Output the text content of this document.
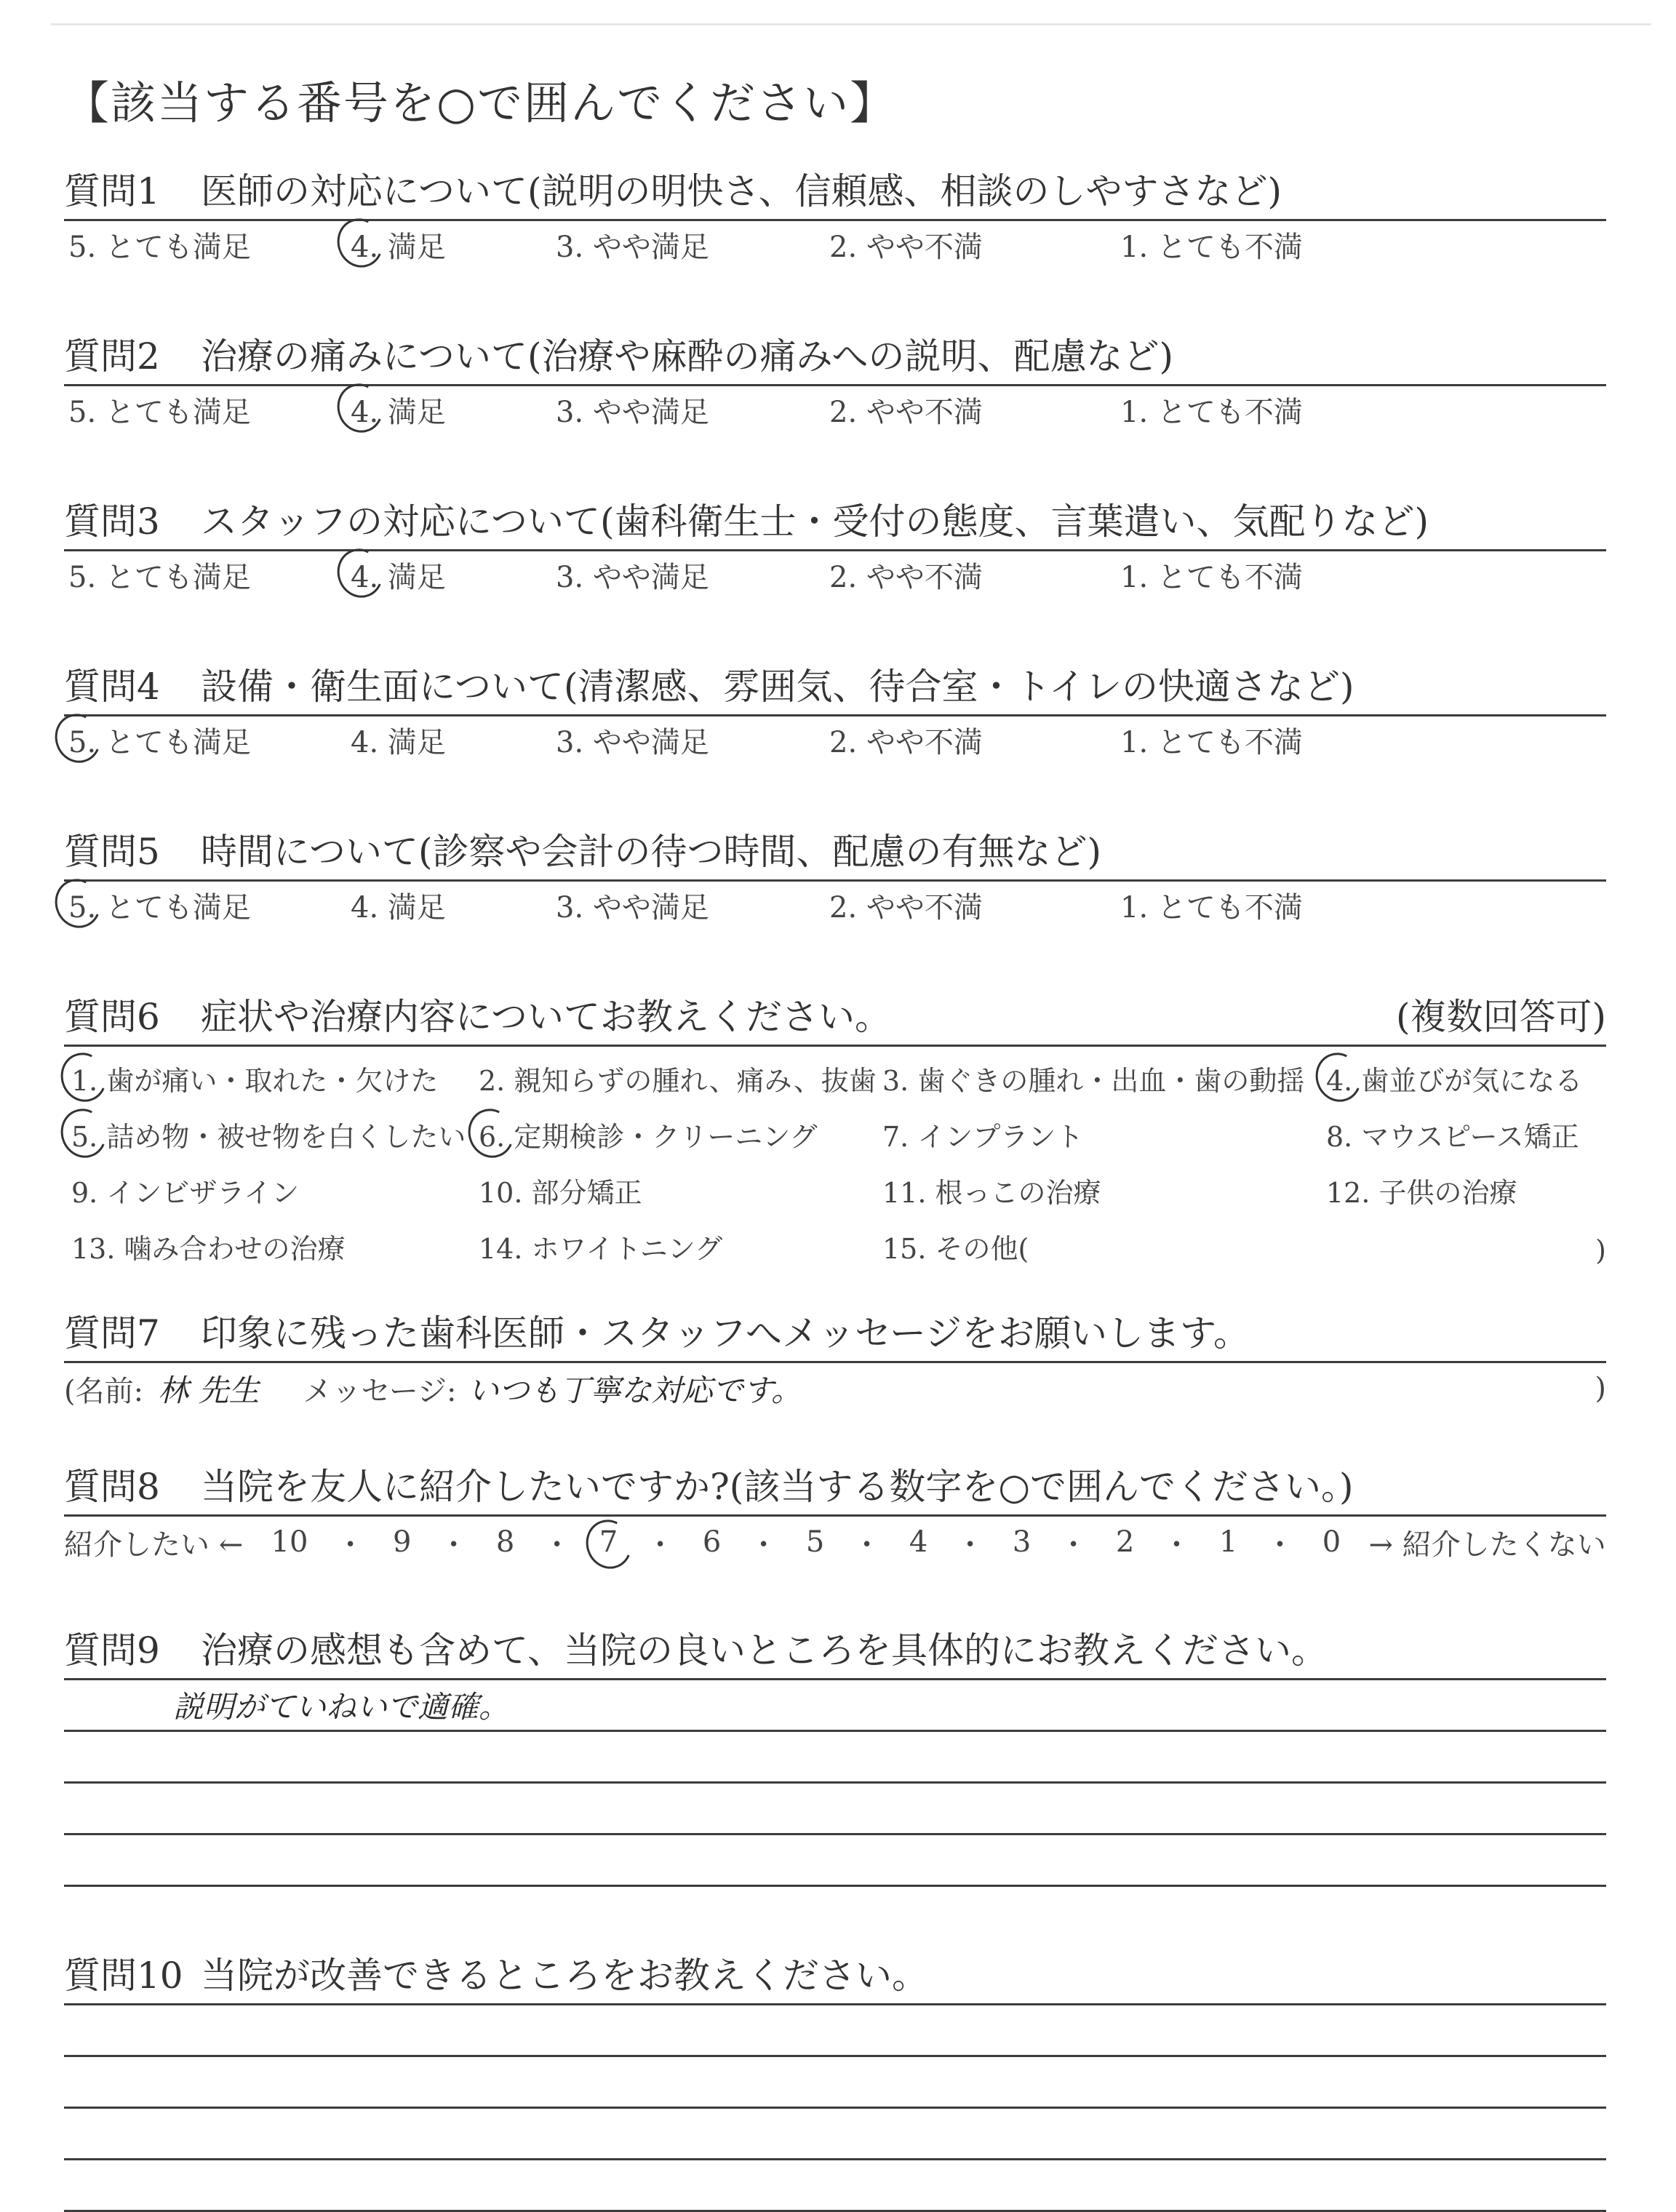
【該当する番号を○で囲んでください】
質問1	医師の対応について(説明の明快さ、信頼感、相談のしやすさなど)
5. とても満足	4. 満足	3. やや満足	2. やや不満	1. とても不満
質問2	治療の痛みについて(治療や麻酔の痛みへの説明、配慮など)
5. とても満足	4. 満足	3. やや満足	2. やや不満	1. とても不満
質問3	スタッフの対応について(歯科衛生士・受付の態度、言葉遣い、気配りなど)
5. とても満足	4. 満足	3. やや満足	2. やや不満	1. とても不満
質問4	設備・衛生面について(清潔感、雰囲気、待合室・トイレの快適さなど)
5. とても満足	4. 満足	3. やや満足	2. やや不満	1. とても不満
質問5	時間について(診察や会計の待つ時間、配慮の有無など)
5. とても満足	4. 満足	3. やや満足	2. やや不満	1. とても不満
質問6	症状や治療内容についてお教えください。	(複数回答可)
1. 歯が痛い・取れた・欠けた	2. 親知らずの腫れ、痛み、抜歯 3. 歯ぐきの腫れ・出血・歯の動揺 4. 歯並びが気になる
5. 詰め物・被せ物を白くしたい 6. 定期検診・クリーニング	7. インプラント	8. マウスピース矯正
9. インビザライン	10. 部分矯正	11. 根っこの治療	12. 子供の治療
13. 噛み合わせの治療	14. ホワイトニング	15. その他(	)
質問7	印象に残った歯科医師・スタッフへメッセージをお願いします。
(名前: 林 先生 メッセージ: いつも丁寧な対応です。	)
質問8	当院を友人に紹介したいですか?(該当する数字を○で囲んでください。)
紹介したい ← 10 ・ 9 ・ 8 ・ 7 ・ 6 ・ 5 ・ 4 ・ 3 ・ 2 ・ 1 ・ 0 → 紹介したくない
質問9	治療の感想も含めて、当院の良いところを具体的にお教えください。
説明がていねいで適確。
質問10 当院が改善できるところをお教えください。
